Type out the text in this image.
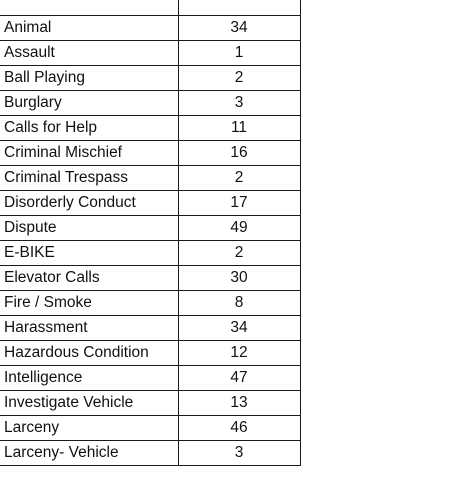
Animal	34
Assault	1
Ball Playing	2
Burglary	3
Calls for Help	11
Criminal Mischief	16
Criminal Trespass	2
Disorderly Conduct	17
Dispute	49
E-BIKE	2
Elevator Calls	30
Fire / Smoke	8
Harassment	34
Hazardous Condition	12
Intelligence	47
Investigate Vehicle	13
Larceny	46
Larceny- Vehicle	3
